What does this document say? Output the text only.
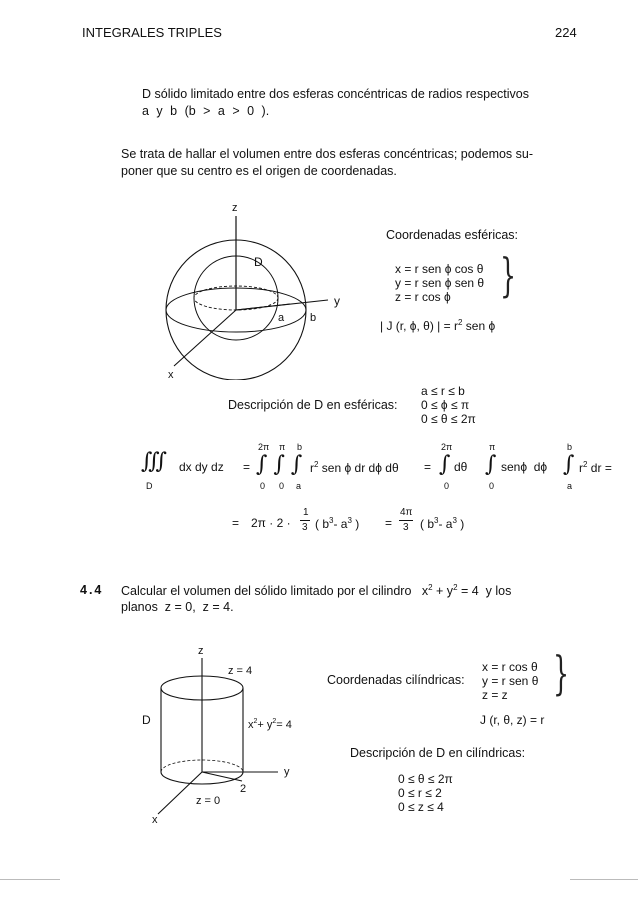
INTEGRALES TRIPLES	224
D sólido limitado entre dos esferas concéntricas de radios respectivos
a y b (b > a > 0 ).
Se trata de hallar el volumen entre dos esferas concéntricas; podemos su-
poner que su centro es el origen de coordenadas.
z
y
x
D
a b
Coordenadas esféricas:
x = r sen ϕ cos θ
y = r sen ϕ sen θ
z = r cos ϕ }
| J (r, ϕ, θ) | = $r^2$ sen ϕ
a ≤ r ≤ b
Descripción de D en esféricas: 0 ≤ ϕ ≤ π
0 ≤ θ ≤ 2π
∭
D
dx dy dz =
2π π b
∫∫∫
0 0 a
$r^2$ sen ϕ dr dϕ dθ =
2π
∫
0
dθ
π
∫
0
senϕ  dϕ
b
∫
a
$r^2$ dr =
= 2π · 2 ·
1
3 ( $b^3-$ $a^3$ ) =
4π
3 ( $b^3-$ $a^3$ )
4.4 Calcular el volumen del sólido limitado por el cilindro $x^2 + y^2 = 4$  y los
planos  z = 0,  z = 4.
z
y
x
z = 4
z = 0
2
D	$x^2+ y^2= 4$
x = r cos θ
Coordenadas cilíndricas: y = r sen θ
z = z }
J (r, θ, z) = r
Descripción de D en cilíndricas:
0 ≤ θ ≤ 2π
0 ≤ r ≤ 2
0 ≤ z ≤ 4
